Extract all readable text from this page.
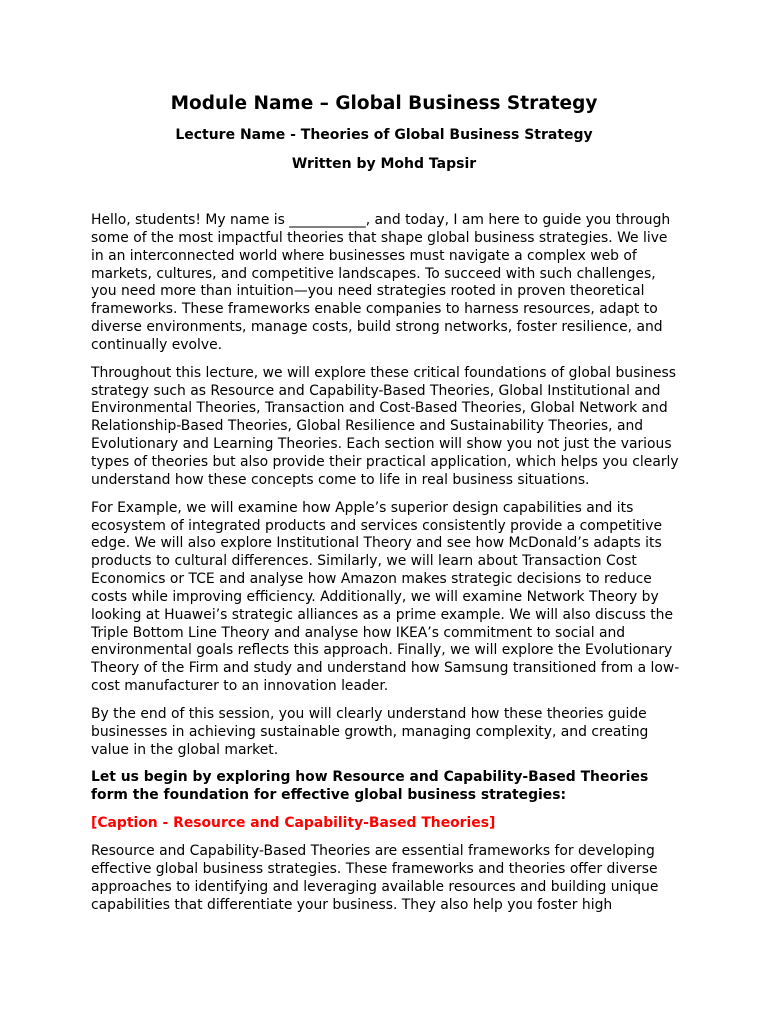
Module Name – Global Business Strategy
Lecture Name - Theories of Global Business Strategy
Written by Mohd Tapsir

Hello, students! My name is ___________, and today, I am here to guide you through some of the most impactful theories that shape global business strategies. We live in an interconnected world where businesses must navigate a complex web of markets, cultures, and competitive landscapes. To succeed with such challenges, you need more than intuition—you need strategies rooted in proven theoretical frameworks. These frameworks enable companies to harness resources, adapt to diverse environments, manage costs, build strong networks, foster resilience, and continually evolve.

Throughout this lecture, we will explore these critical foundations of global business strategy such as Resource and Capability-Based Theories, Global Institutional and Environmental Theories, Transaction and Cost-Based Theories, Global Network and Relationship-Based Theories, Global Resilience and Sustainability Theories, and Evolutionary and Learning Theories. Each section will show you not just the various types of theories but also provide their practical application, which helps you clearly understand how these concepts come to life in real business situations.

For Example, we will examine how Apple’s superior design capabilities and its ecosystem of integrated products and services consistently provide a competitive edge. We will also explore Institutional Theory and see how McDonald’s adapts its products to cultural differences. Similarly, we will learn about Transaction Cost Economics or TCE and analyse how Amazon makes strategic decisions to reduce costs while improving efficiency. Additionally, we will examine Network Theory by looking at Huawei’s strategic alliances as a prime example. We will also discuss the Triple Bottom Line Theory and analyse how IKEA’s commitment to social and environmental goals reflects this approach. Finally, we will explore the Evolutionary Theory of the Firm and study and understand how Samsung transitioned from a low-cost manufacturer to an innovation leader.

By the end of this session, you will clearly understand how these theories guide businesses in achieving sustainable growth, managing complexity, and creating value in the global market.

Let us begin by exploring how Resource and Capability-Based Theories form the foundation for effective global business strategies:

[Caption - Resource and Capability-Based Theories]

Resource and Capability-Based Theories are essential frameworks for developing effective global business strategies. These frameworks and theories offer diverse approaches to identifying and leveraging available resources and building unique capabilities that differentiate your business. They also help you foster high
